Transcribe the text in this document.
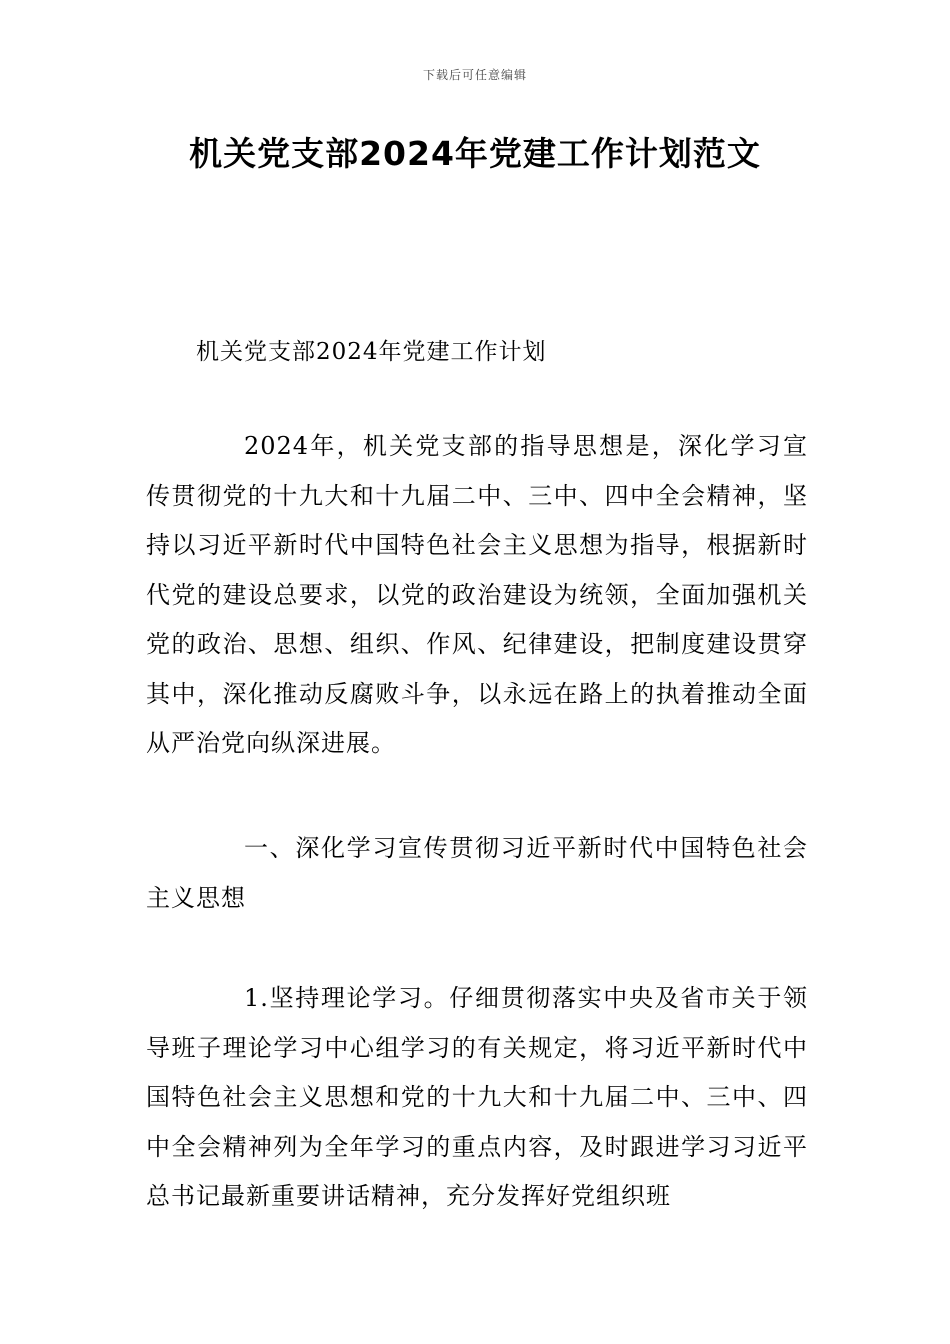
下载后可任意编辑
机关党支部2024年党建工作计划范文

机关党支部2024年党建工作计划

2024年，机关党支部的指导思想是，深化学习宣传贯彻党的十九大和十九届二中、三中、四中全会精神，坚持以习近平新时代中国特色社会主义思想为指导，根据新时代党的建设总要求，以党的政治建设为统领，全面加强机关党的政治、思想、组织、作风、纪律建设，把制度建设贯穿其中，深化推动反腐败斗争，以永远在路上的执着推动全面从严治党向纵深进展。

一、深化学习宣传贯彻习近平新时代中国特色社会主义思想

1.坚持理论学习。仔细贯彻落实中央及省市关于领导班子理论学习中心组学习的有关规定，将习近平新时代中国特色社会主义思想和党的十九大和十九届二中、三中、四中全会精神列为全年学习的重点内容，及时跟进学习习近平总书记最新重要讲话精神，充分发挥好党组织班
